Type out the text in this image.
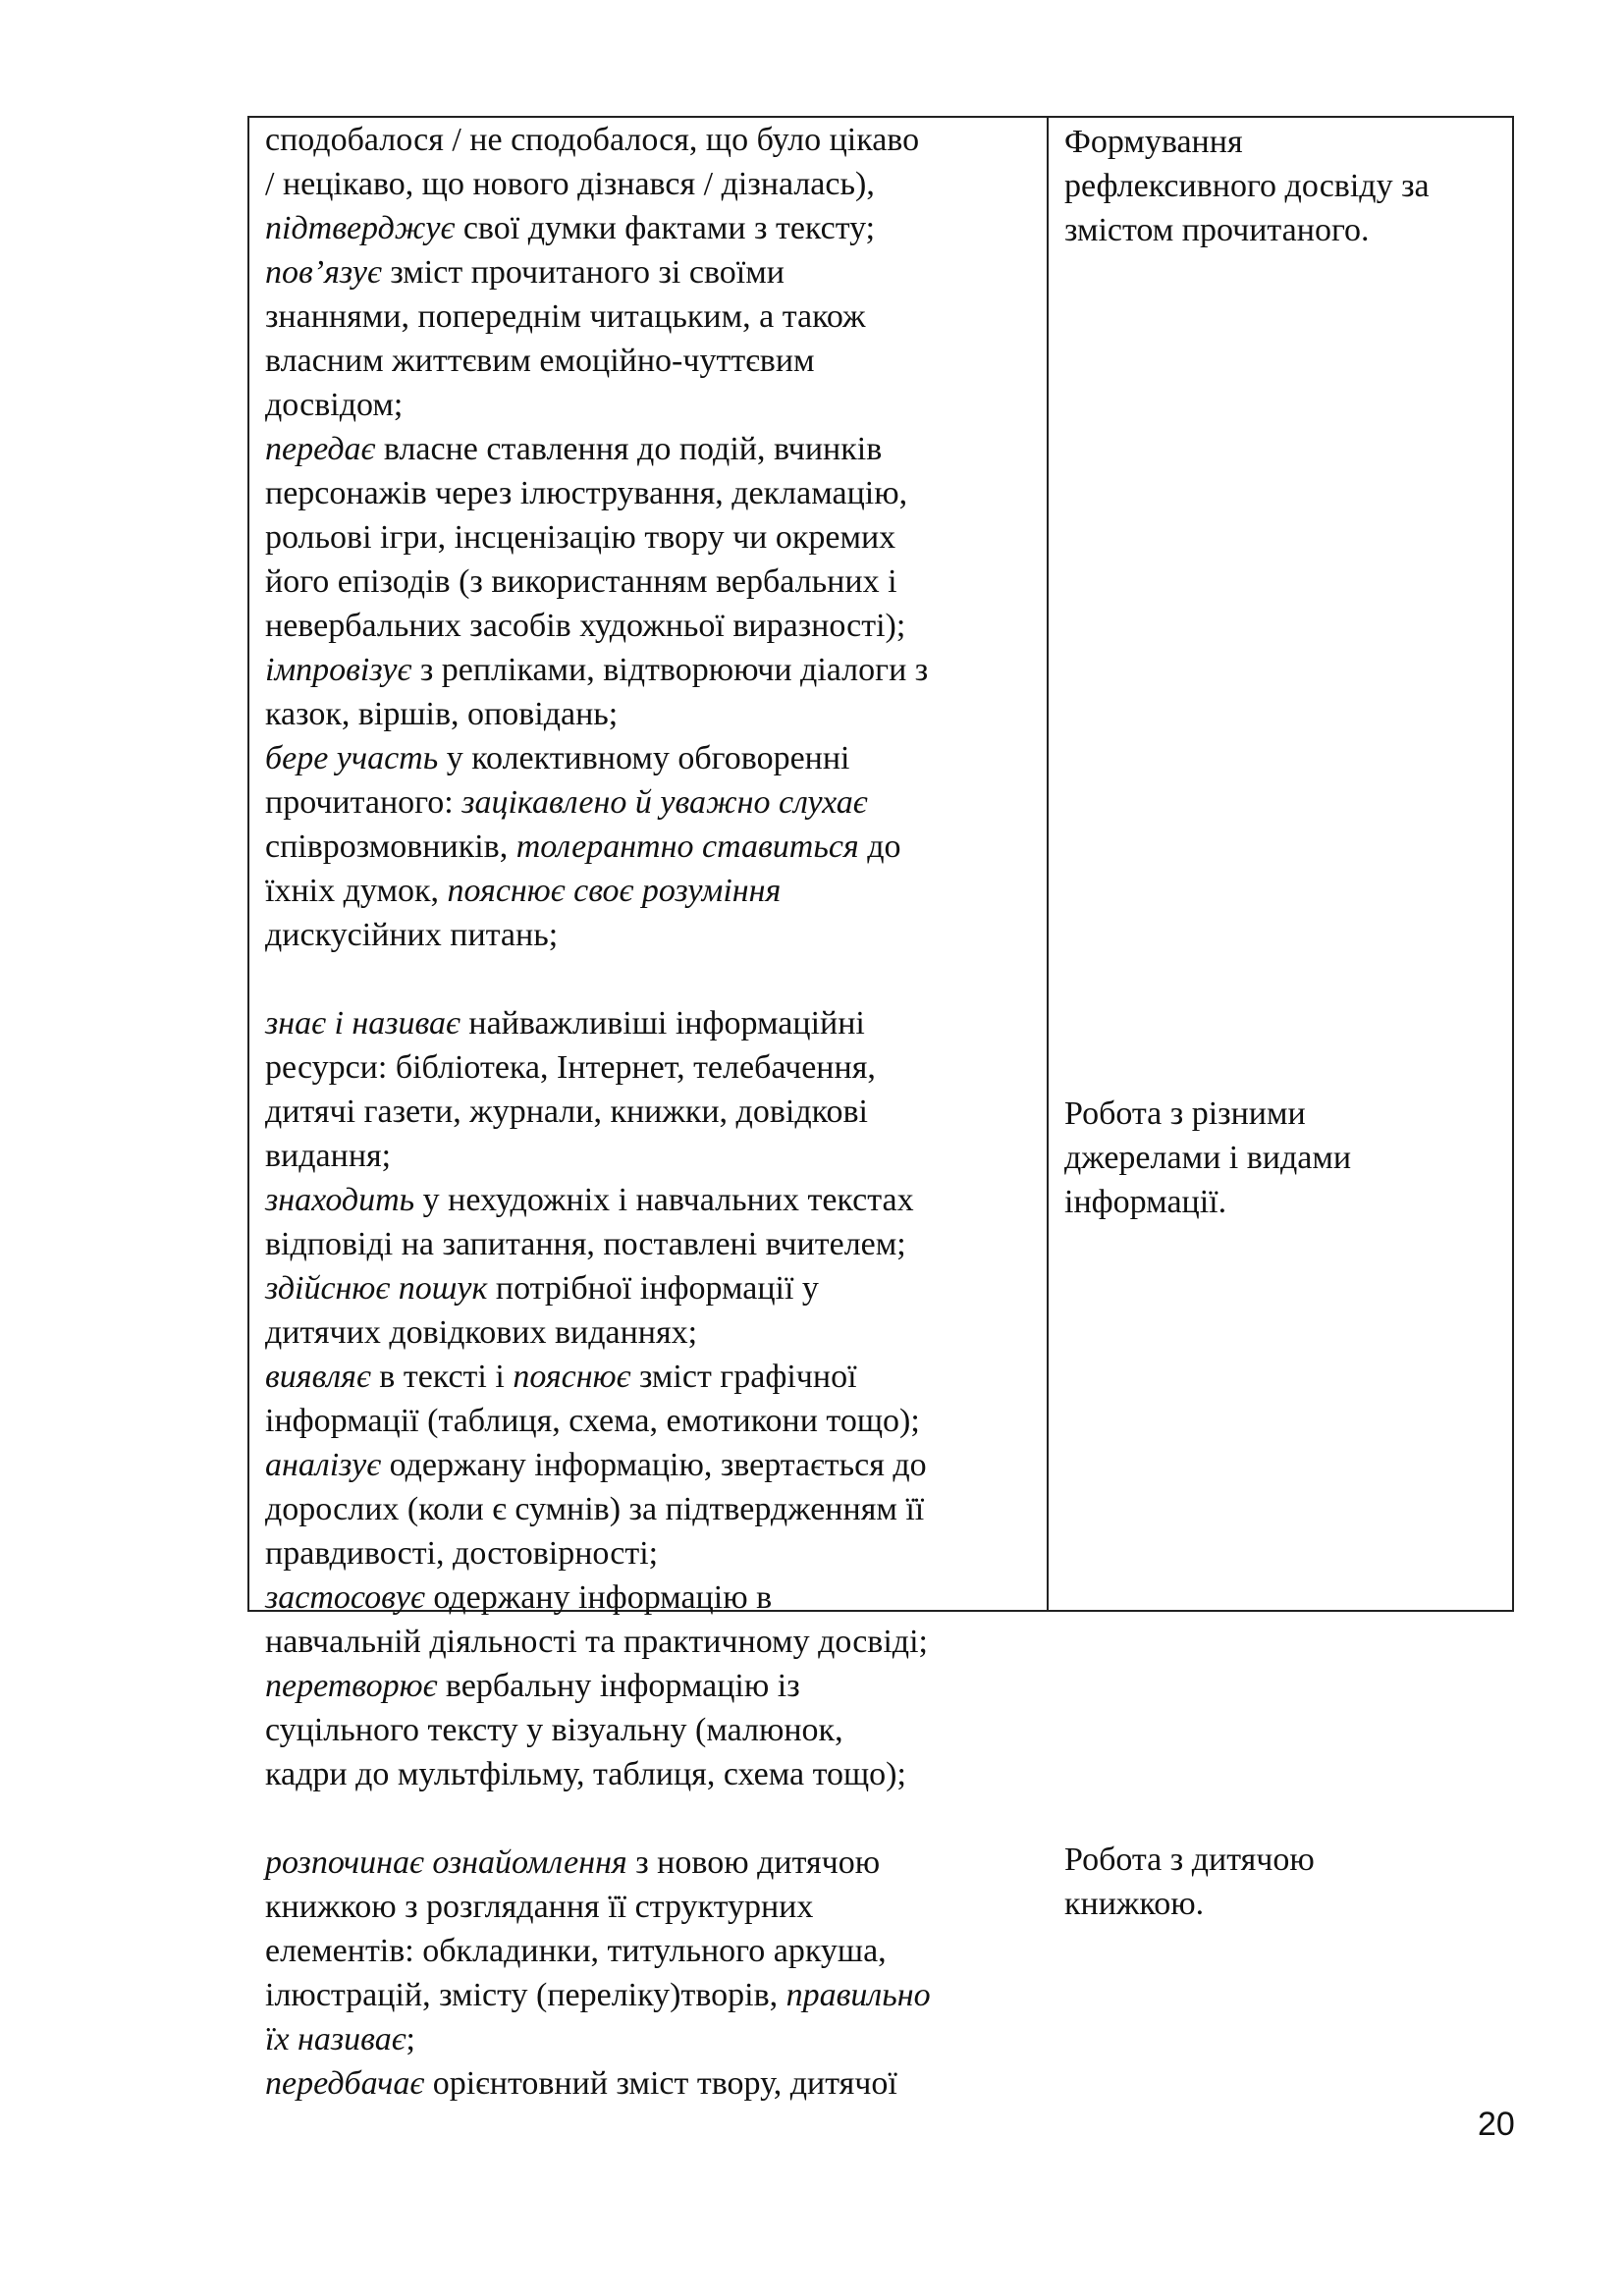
сподобалося / не сподобалося, що було цікаво
/ нецікаво, що нового дізнався / дізналась),
підтверджує свої думки фактами з тексту;
пов’язує зміст прочитаного зі своїми
знаннями, попереднім читацьким, а також
власним життєвим емоційно-чуттєвим
досвідом;
передає власне ставлення до подій, вчинків
персонажів через ілюстрування, декламацію,
рольові ігри, інсценізацію твору чи окремих
його епізодів (з використанням вербальних і
невербальних засобів художньої виразності);
імпровізує з репліками, відтворюючи діалоги з
казок, віршів, оповідань;
бере участь у колективному обговоренні
прочитаного: зацікавлено й уважно слухає
співрозмовників, толерантно ставиться до
їхніх думок, пояснює своє розуміння
дискусійних питань;
знає і називає найважливіші інформаційні
ресурси: бібліотека, Інтернет, телебачення,
дитячі газети, журнали, книжки, довідкові
видання;
знаходить у нехудожніх і навчальних текстах
відповіді на запитання, поставлені вчителем;
здійснює пошук потрібної інформації у
дитячих довідкових виданнях;
виявляє в тексті і пояснює зміст графічної
інформації (таблиця, схема, емотикони тощо);
аналізує одержану інформацію, звертається до
дорослих (коли є сумнів) за підтвердженням її
правдивості, достовірності;
застосовує одержану інформацію в
навчальній діяльності та практичному досвіді;
перетворює вербальну інформацію із
суцільного тексту у візуальну (малюнок,
кадри до мультфільму, таблиця, схема тощо);
розпочинає ознайомлення з новою дитячою
книжкою з розглядання її структурних
елементів: обкладинки, титульного аркуша,
ілюстрацій, змісту (переліку)творів, правильно
їх називає;
передбачає орієнтовний зміст твору, дитячої
Формування
рефлексивного досвіду за
змістом прочитаного.
Робота з різними
джерелами і видами
інформації.
Робота з дитячою
книжкою.
20
